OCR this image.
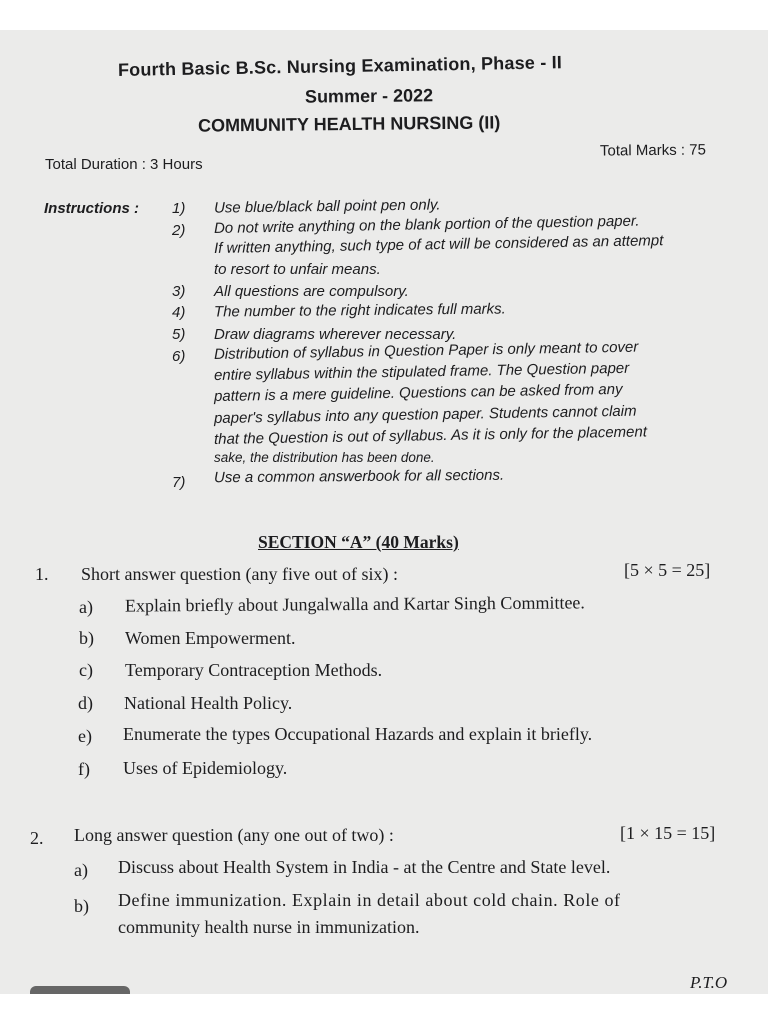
Fourth Basic B.Sc. Nursing Examination, Phase - II
Summer - 2022
COMMUNITY HEALTH NURSING (II)
Total Duration : 3 Hours
Total Marks : 75
Instructions : 1) Use blue/black ball point pen only.
2) Do not write anything on the blank portion of the question paper.
If written anything, such type of act will be considered as an attempt
to resort to unfair means.
3) All questions are compulsory.
4) The number to the right indicates full marks.
5) Draw diagrams wherever necessary.
6) Distribution of syllabus in Question Paper is only meant to cover
entire syllabus within the stipulated frame. The Question paper
pattern is a mere guideline. Questions can be asked from any
paper's syllabus into any question paper. Students cannot claim
that the Question is out of syllabus. As it is only for the placement
sake, the distribution has been done.
7) Use a common answerbook for all sections.
SECTION “A” (40 Marks)
1. Short answer question (any five out of six) :	[5 × 5 = 25]
a) Explain briefly about Jungalwalla and Kartar Singh Committee.
b) Women Empowerment.
c) Temporary Contraception Methods.
d) National Health Policy.
e) Enumerate the types Occupational Hazards and explain it briefly.
f) Uses of Epidemiology.
2. Long answer question (any one out of two) :	[1 × 15 = 15]
a) Discuss about Health System in India - at the Centre and State level.
b) Define immunization. Explain in detail about cold chain. Role of
community health nurse in immunization.
P.T.O
